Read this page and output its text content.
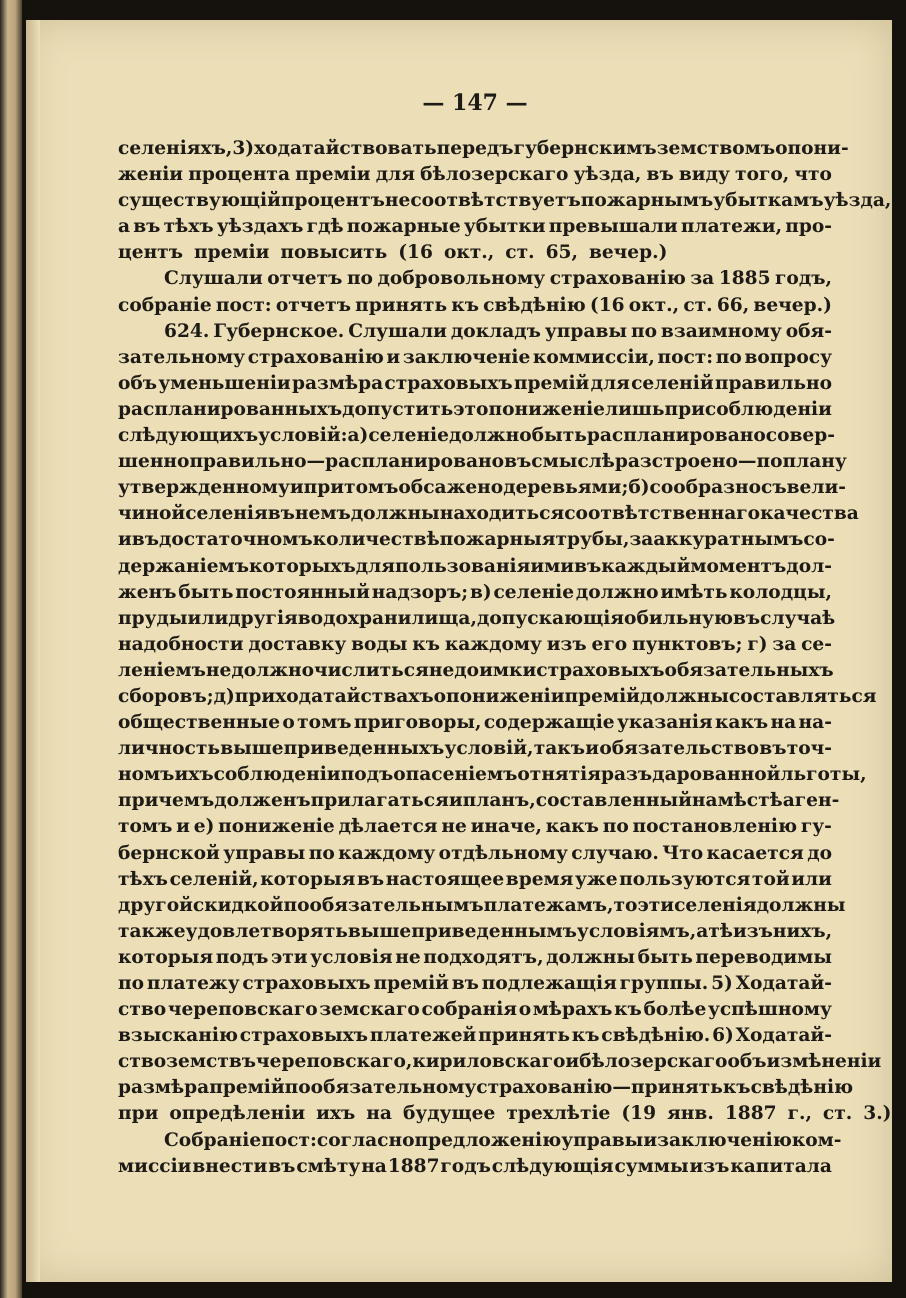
— 147 —
селеніяхъ, 3) ходатайствовать передъ губернскимъ земствомъ о пони-
женіи процента преміи для бѣлозерскаго уѣзда, въ виду того, что
существующій процентъ не соотвѣтствуетъ пожарнымъ убыткамъ уѣзда,
а въ тѣхъ уѣздахъ гдѣ пожарные убытки превышали платежи, про-
центъ преміи повысить (16 окт., ст. 65, вечер.)
Слушали отчетъ по добровольному страхованію за 1885 годъ,
собраніе пост: отчетъ принять къ свѣдѣнію (16 окт., ст. 66, вечер.)
624. Губернское. Слушали докладъ управы по взаимному обя-
зательному страхованію и заключеніе коммиссіи, пост: по вопросу
объ уменьшеніи размѣра страховыхъ премій для селеній правильно
распланированныхъ допустить это пониженіе лишь при соблюденіи
слѣдующихъ условій: а) селеніе должно быть распланировано совер-
шенно правильно—распланировано въ смыслѣ разстроено—по плану
утвержденному и притомъ обсажено деревьями; б) сообразно съ вели-
чиной селенія въ немъ должны находиться соотвѣтственнаго качества
и въ достаточномъ количествѣ пожарныя трубы, за аккуратнымъ со-
держаніемъ которыхъ для пользованія ими въ каждый моментъ дол-
женъ быть постоянный надзоръ; в) селеніе должно имѣть колодцы,
пруды или другія водохранилища, допускающія обильную въ случаѣ
надобности доставку воды къ каждому изъ его пунктовъ; г) за се-
леніемъ не должно числиться недоимки страховыхъ обязательныхъ
сборовъ; д) при ходатайствахъ о пониженіи премій должны составляться
общественные о томъ приговоры, содержащіе указанія какъ на на-
личность вышеприведенныхъ условій, такъ и обязательство въ точ-
номъ ихъ соблюденіи подъ опасеніемъ отнятія разъ дарованной льготы,
причемъ долженъ прилагаться и планъ, составленный на мѣстѣ аген-
томъ и е) пониженіе дѣлается не иначе, какъ по постановленію гу-
бернской управы по каждому отдѣльному случаю. Что касается до
тѣхъ селеній, которыя въ настоящее время уже пользуются той или
другой скидкой по обязательнымъ платежамъ, то эти селенія должны
также удовлетворять вышеприведеннымъ условіямъ, а тѣ изъ нихъ,
которыя подъ эти условія не подходятъ, должны быть переводимы
по платежу страховыхъ премій въ подлежащія группы. 5) Ходатай-
ство череповскаго земскаго собранія о мѣрахъ къ болѣе успѣшному
взысканію страховыхъ платежей принять къ свѣдѣнію. 6) Ходатай-
ство земствъ череповскаго, кириловскаго и бѣлозерскаго объ измѣненіи
размѣра премій по обязательному страхованію—принять къ свѣдѣнію
при опредѣленіи ихъ на будущее трехлѣтіе (19 янв. 1887 г., ст. 3.)
Собраніе пост: согласно предложенію управы и заключенію ком-
миссіи внести въ смѣту на 1887 годъ слѣдующія суммы изъ капитала
